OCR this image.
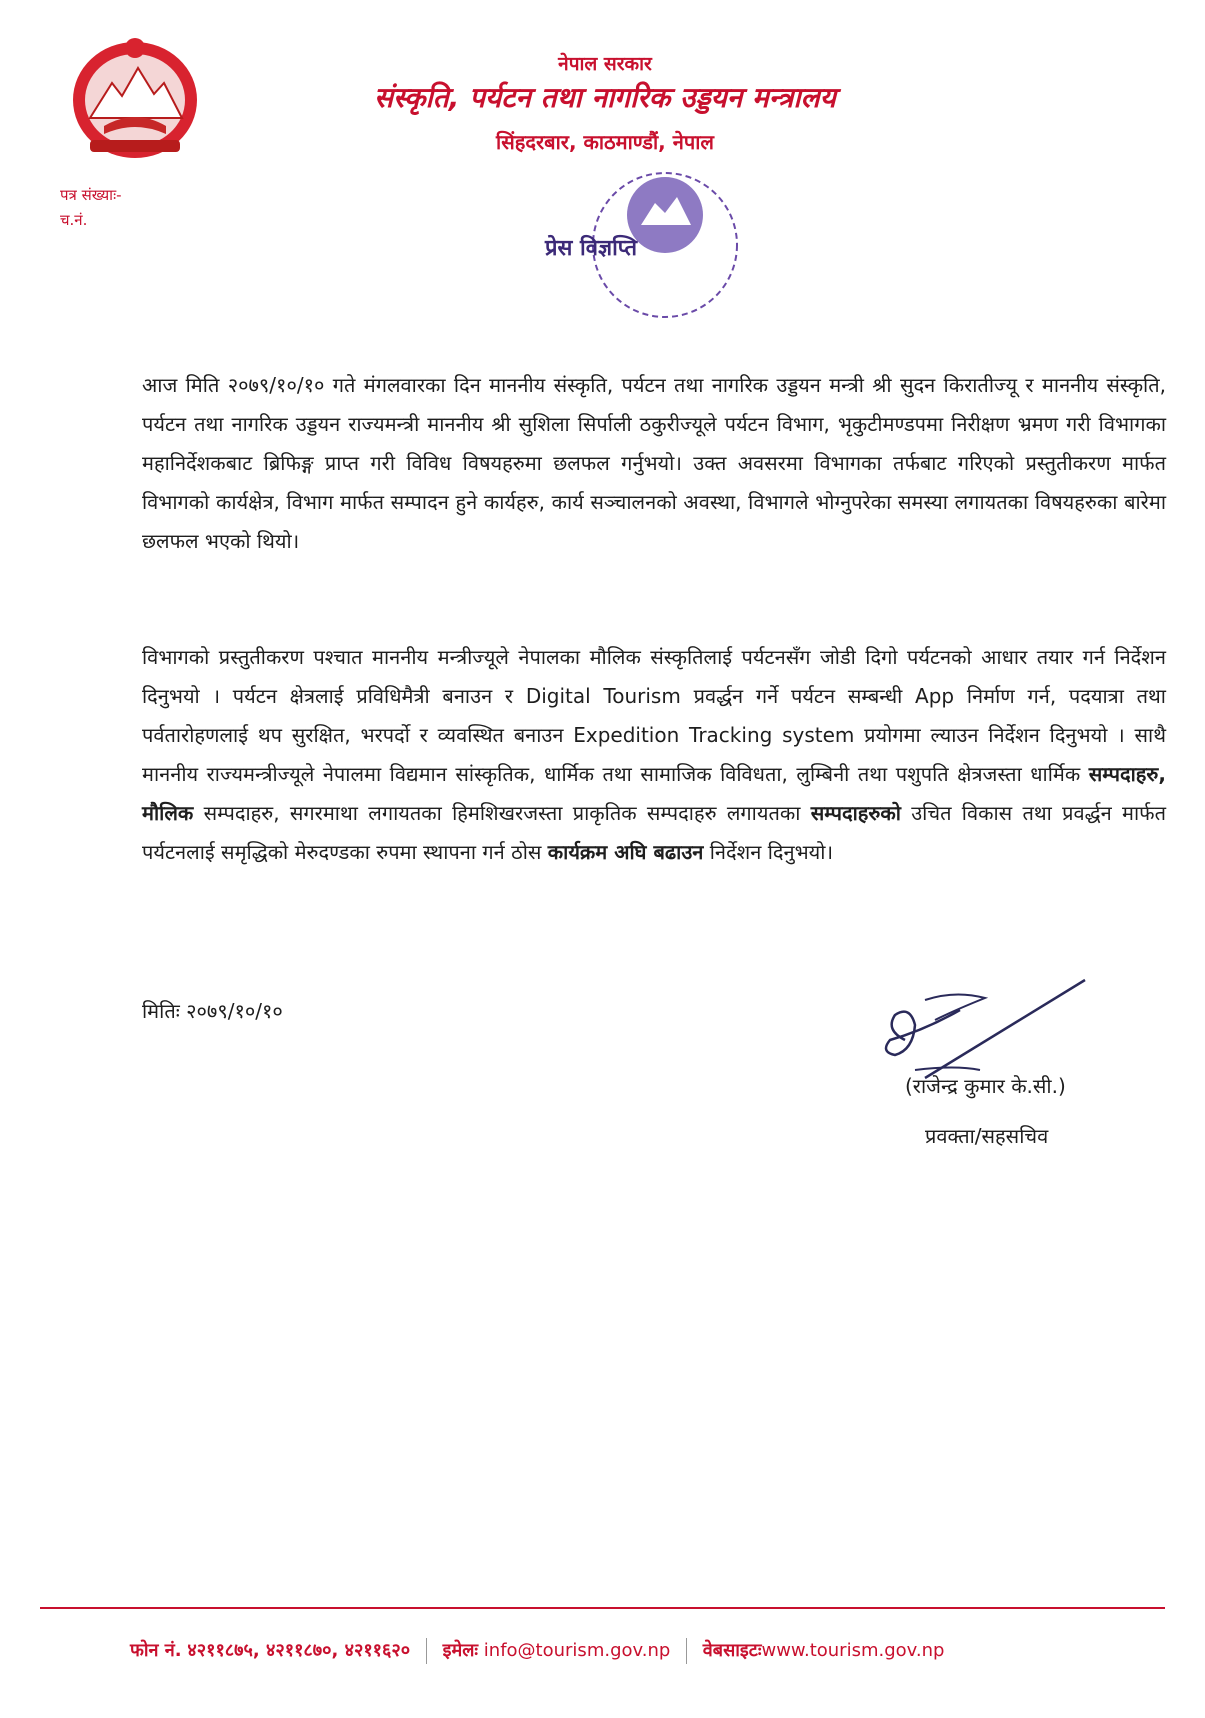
नेपाल सरकार
संस्कृति, पर्यटन तथा नागरिक उड्डयन मन्त्रालय
सिंहदरबार, काठमाण्डौं, नेपाल
पत्र संख्याः-
च.नं.
प्रेस विज्ञप्ति
आज मिति २०७९/१०/१० गते मंगलवारका दिन माननीय संस्कृति, पर्यटन तथा नागरिक उड्डयन मन्त्री श्री सुदन किरातीज्यू र माननीय संस्कृति, पर्यटन तथा नागरिक उड्डयन राज्यमन्त्री माननीय श्री सुशिला सिर्पाली ठकुरीज्यूले पर्यटन विभाग, भृकुटीमण्डपमा निरीक्षण भ्रमण गरी विभागका महानिर्देशकबाट ब्रिफिङ्ग प्राप्त गरी विविध विषयहरुमा छलफल गर्नुभयो। उक्त अवसरमा विभागका तर्फबाट गरिएको प्रस्तुतीकरण मार्फत विभागको कार्यक्षेत्र, विभाग मार्फत सम्पादन हुने कार्यहरु, कार्य सञ्चालनको अवस्था, विभागले भोग्नुपरेका समस्या लगायतका विषयहरुका बारेमा छलफल भएको थियो।
विभागको प्रस्तुतीकरण पश्चात माननीय मन्त्रीज्यूले नेपालका मौलिक संस्कृतिलाई पर्यटनसँग जोडी दिगो पर्यटनको आधार तयार गर्न निर्देशन दिनुभयो । पर्यटन क्षेत्रलाई प्रविधिमैत्री बनाउन र Digital Tourism प्रवर्द्धन गर्ने पर्यटन सम्बन्धी App निर्माण गर्न, पदयात्रा तथा पर्वतारोहणलाई थप सुरक्षित, भरपर्दो र व्यवस्थित बनाउन Expedition Tracking system प्रयोगमा ल्याउन निर्देशन दिनुभयो । साथै माननीय राज्यमन्त्रीज्यूले नेपालमा विद्यमान सांस्कृतिक, धार्मिक तथा सामाजिक विविधता, लुम्बिनी तथा पशुपति क्षेत्रजस्ता धार्मिक सम्पदाहरु, मौलिक सम्पदाहरु, सगरमाथा लगायतका हिमशिखरजस्ता प्राकृतिक सम्पदाहरु लगायतका सम्पदाहरुको उचित विकास तथा प्रवर्द्धन मार्फत पर्यटनलाई समृद्धिको मेरुदण्डका रुपमा स्थापना गर्न ठोस कार्यक्रम अघि बढाउन निर्देशन दिनुभयो।
मितिः २०७९/१०/१०
(राजेन्द्र कुमार के.सी.)
प्रवक्ता/सहसचिव
फोन नं. ४२११८७५, ४२११८७०, ४२११६२० इमेलः info@tourism.gov.np वेबसाइटःwww.tourism.gov.np
